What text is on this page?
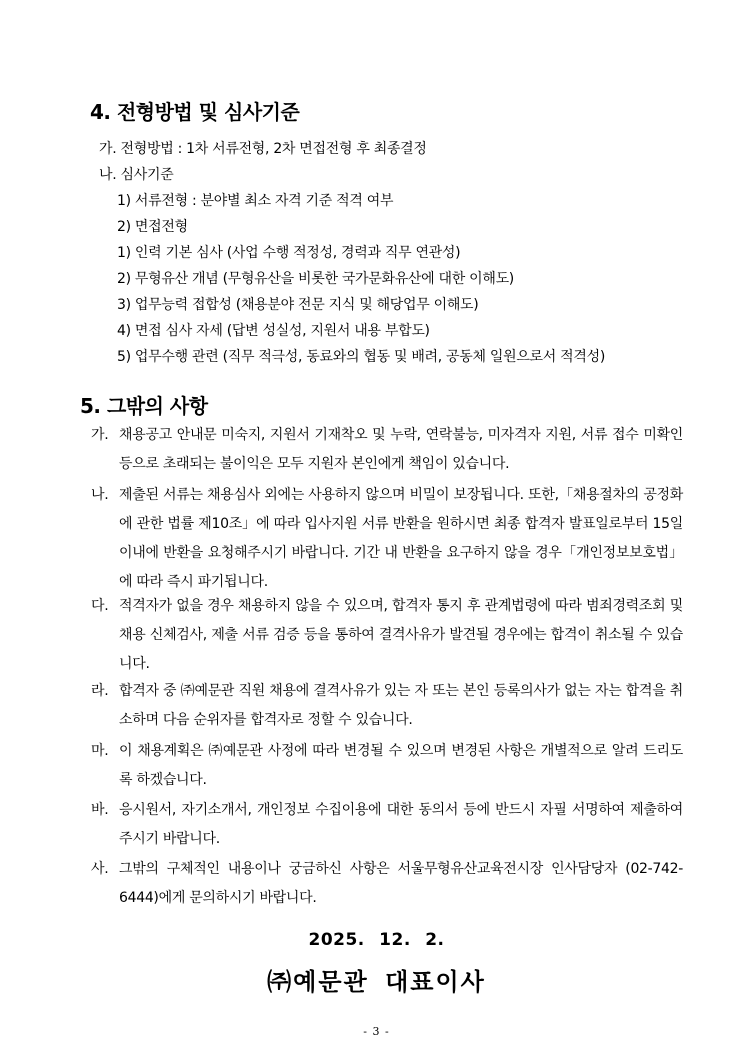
4. 전형방법 및 심사기준
가. 전형방법 : 1차 서류전형, 2차 면접전형 후 최종결정
나. 심사기준
1) 서류전형 : 분야별 최소 자격 기준 적격 여부
2) 면접전형
1) 인력 기본 심사 (사업 수행 적정성, 경력과 직무 연관성)
2) 무형유산 개념 (무형유산을 비롯한 국가문화유산에 대한 이해도)
3) 업무능력 접합성 (채용분야 전문 지식 및 해당업무 이해도)
4) 면접 심사 자세 (답변 성실성, 지원서 내용 부합도)
5) 업무수행 관련 (직무 적극성, 동료와의 협동 및 배려, 공동체 일원으로서 적격성)
5. 그밖의 사항
가. 채용공고 안내문 미숙지, 지원서 기재착오 및 누락, 연락불능, 미자격자 지원, 서류 접수 미확인 등으로 초래되는 불이익은 모두 지원자 본인에게 책임이 있습니다.
나. 제출된 서류는 채용심사 외에는 사용하지 않으며 비밀이 보장됩니다. 또한,「채용절차의 공정화에 관한 법률 제10조」에 따라 입사지원 서류 반환을 원하시면 최종 합격자 발표일로부터 15일 이내에 반환을 요청해주시기 바랍니다. 기간 내 반환을 요구하지 않을 경우「개인정보보호법」에 따라 즉시 파기됩니다.
다. 적격자가 없을 경우 채용하지 않을 수 있으며, 합격자 통지 후 관계법령에 따라 범죄경력조회 및 채용 신체검사, 제출 서류 검증 등을 통하여 결격사유가 발견될 경우에는 합격이 취소될 수 있습니다.
라. 합격자 중 ㈜예문관 직원 채용에 결격사유가 있는 자 또는 본인 등록의사가 없는 자는 합격을 취소하며 다음 순위자를 합격자로 정할 수 있습니다.
마. 이 채용계획은 ㈜예문관 사정에 따라 변경될 수 있으며 변경된 사항은 개별적으로 알려 드리도록 하겠습니다.
바. 응시원서, 자기소개서, 개인정보 수집이용에 대한 동의서 등에 반드시 자필 서명하여 제출하여 주시기 바랍니다.
사. 그밖의 구체적인 내용이나 궁금하신 사항은 서울무형유산교육전시장 인사담당자 (02-742-6444)에게 문의하시기 바랍니다.
2025. 12. 2.
㈜예문관 대표이사
- 3 -
